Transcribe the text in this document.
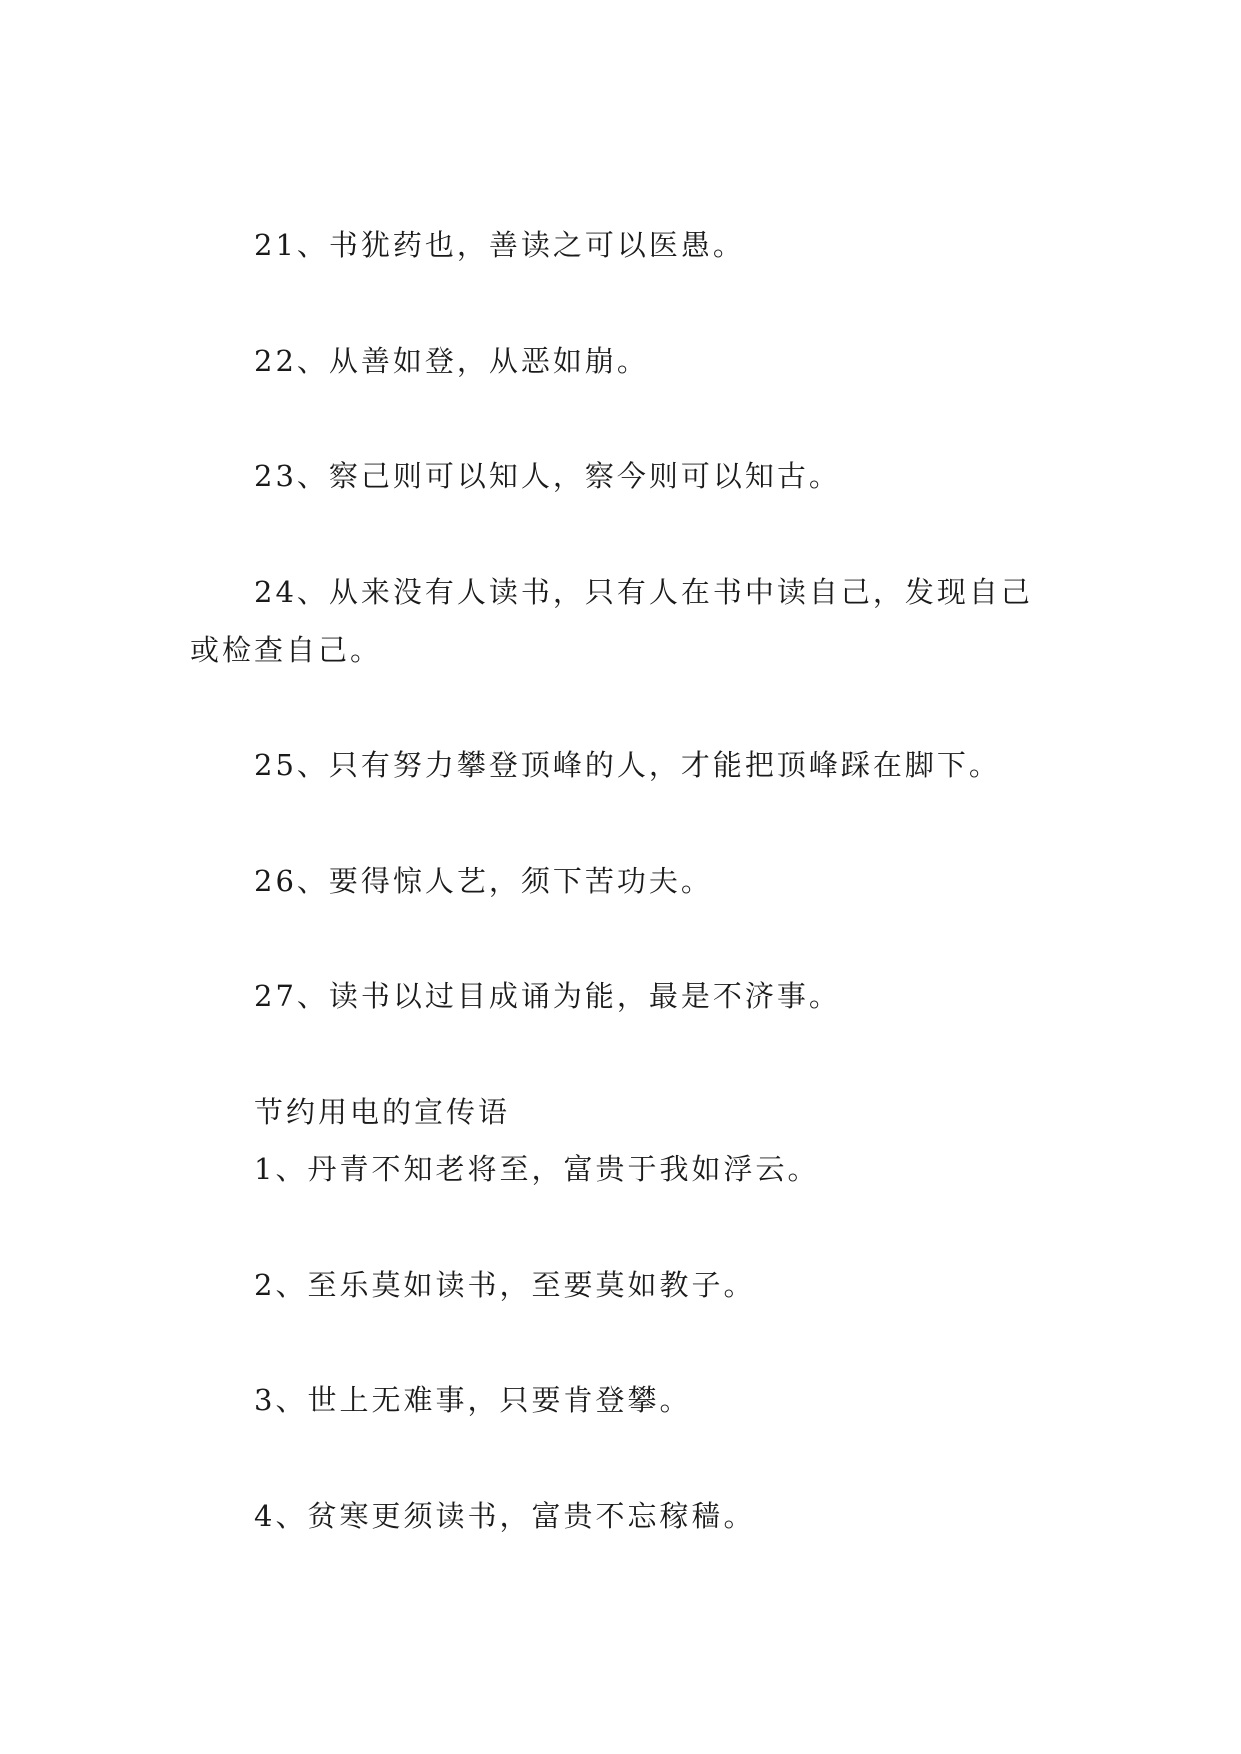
21、书犹药也，善读之可以医愚。
22、从善如登，从恶如崩。
23、察己则可以知人，察今则可以知古。
24、从来没有人读书，只有人在书中读自己，发现自己
或检查自己。
25、只有努力攀登顶峰的人，才能把顶峰踩在脚下。
26、要得惊人艺，须下苦功夫。
27、读书以过目成诵为能，最是不济事。
节约用电的宣传语
1、丹青不知老将至，富贵于我如浮云。
2、至乐莫如读书，至要莫如教子。
3、世上无难事，只要肯登攀。
4、贫寒更须读书，富贵不忘稼穑。
